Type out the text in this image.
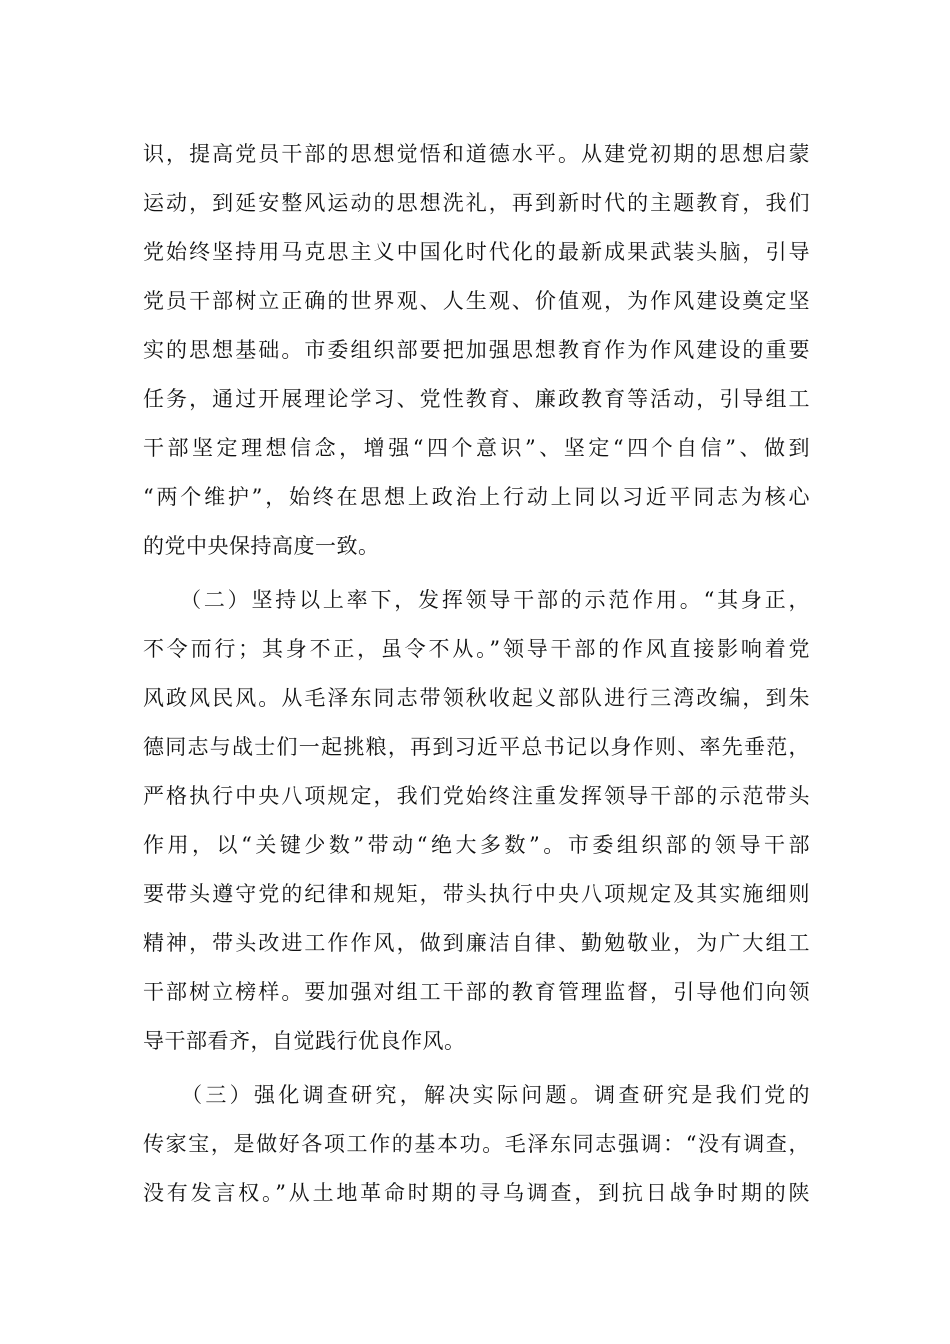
识，提高党员干部的思想觉悟和道德水平。从建党初期的思想启蒙
运动，到延安整风运动的思想洗礼，再到新时代的主题教育，我们
党始终坚持用马克思主义中国化时代化的最新成果武装头脑，引导
党员干部树立正确的世界观、人生观、价值观，为作风建设奠定坚
实的思想基础。市委组织部要把加强思想教育作为作风建设的重要
任务，通过开展理论学习、党性教育、廉政教育等活动，引导组工
干部坚定理想信念，增强“四个意识”、坚定“四个自信”、做到
“两个维护”，始终在思想上政治上行动上同以习近平同志为核心
的党中央保持高度一致。
　　（二）坚持以上率下，发挥领导干部的示范作用。“其身正，
不令而行；其身不正，虽令不从。”领导干部的作风直接影响着党
风政风民风。从毛泽东同志带领秋收起义部队进行三湾改编，到朱
德同志与战士们一起挑粮，再到习近平总书记以身作则、率先垂范，
严格执行中央八项规定，我们党始终注重发挥领导干部的示范带头
作用，以“关键少数”带动“绝大多数”。市委组织部的领导干部
要带头遵守党的纪律和规矩，带头执行中央八项规定及其实施细则
精神，带头改进工作作风，做到廉洁自律、勤勉敬业，为广大组工
干部树立榜样。要加强对组工干部的教育管理监督，引导他们向领
导干部看齐，自觉践行优良作风。
　　（三）强化调查研究，解决实际问题。调查研究是我们党的
传家宝，是做好各项工作的基本功。毛泽东同志强调：“没有调查，
没有发言权。”从土地革命时期的寻乌调查，到抗日战争时期的陕
